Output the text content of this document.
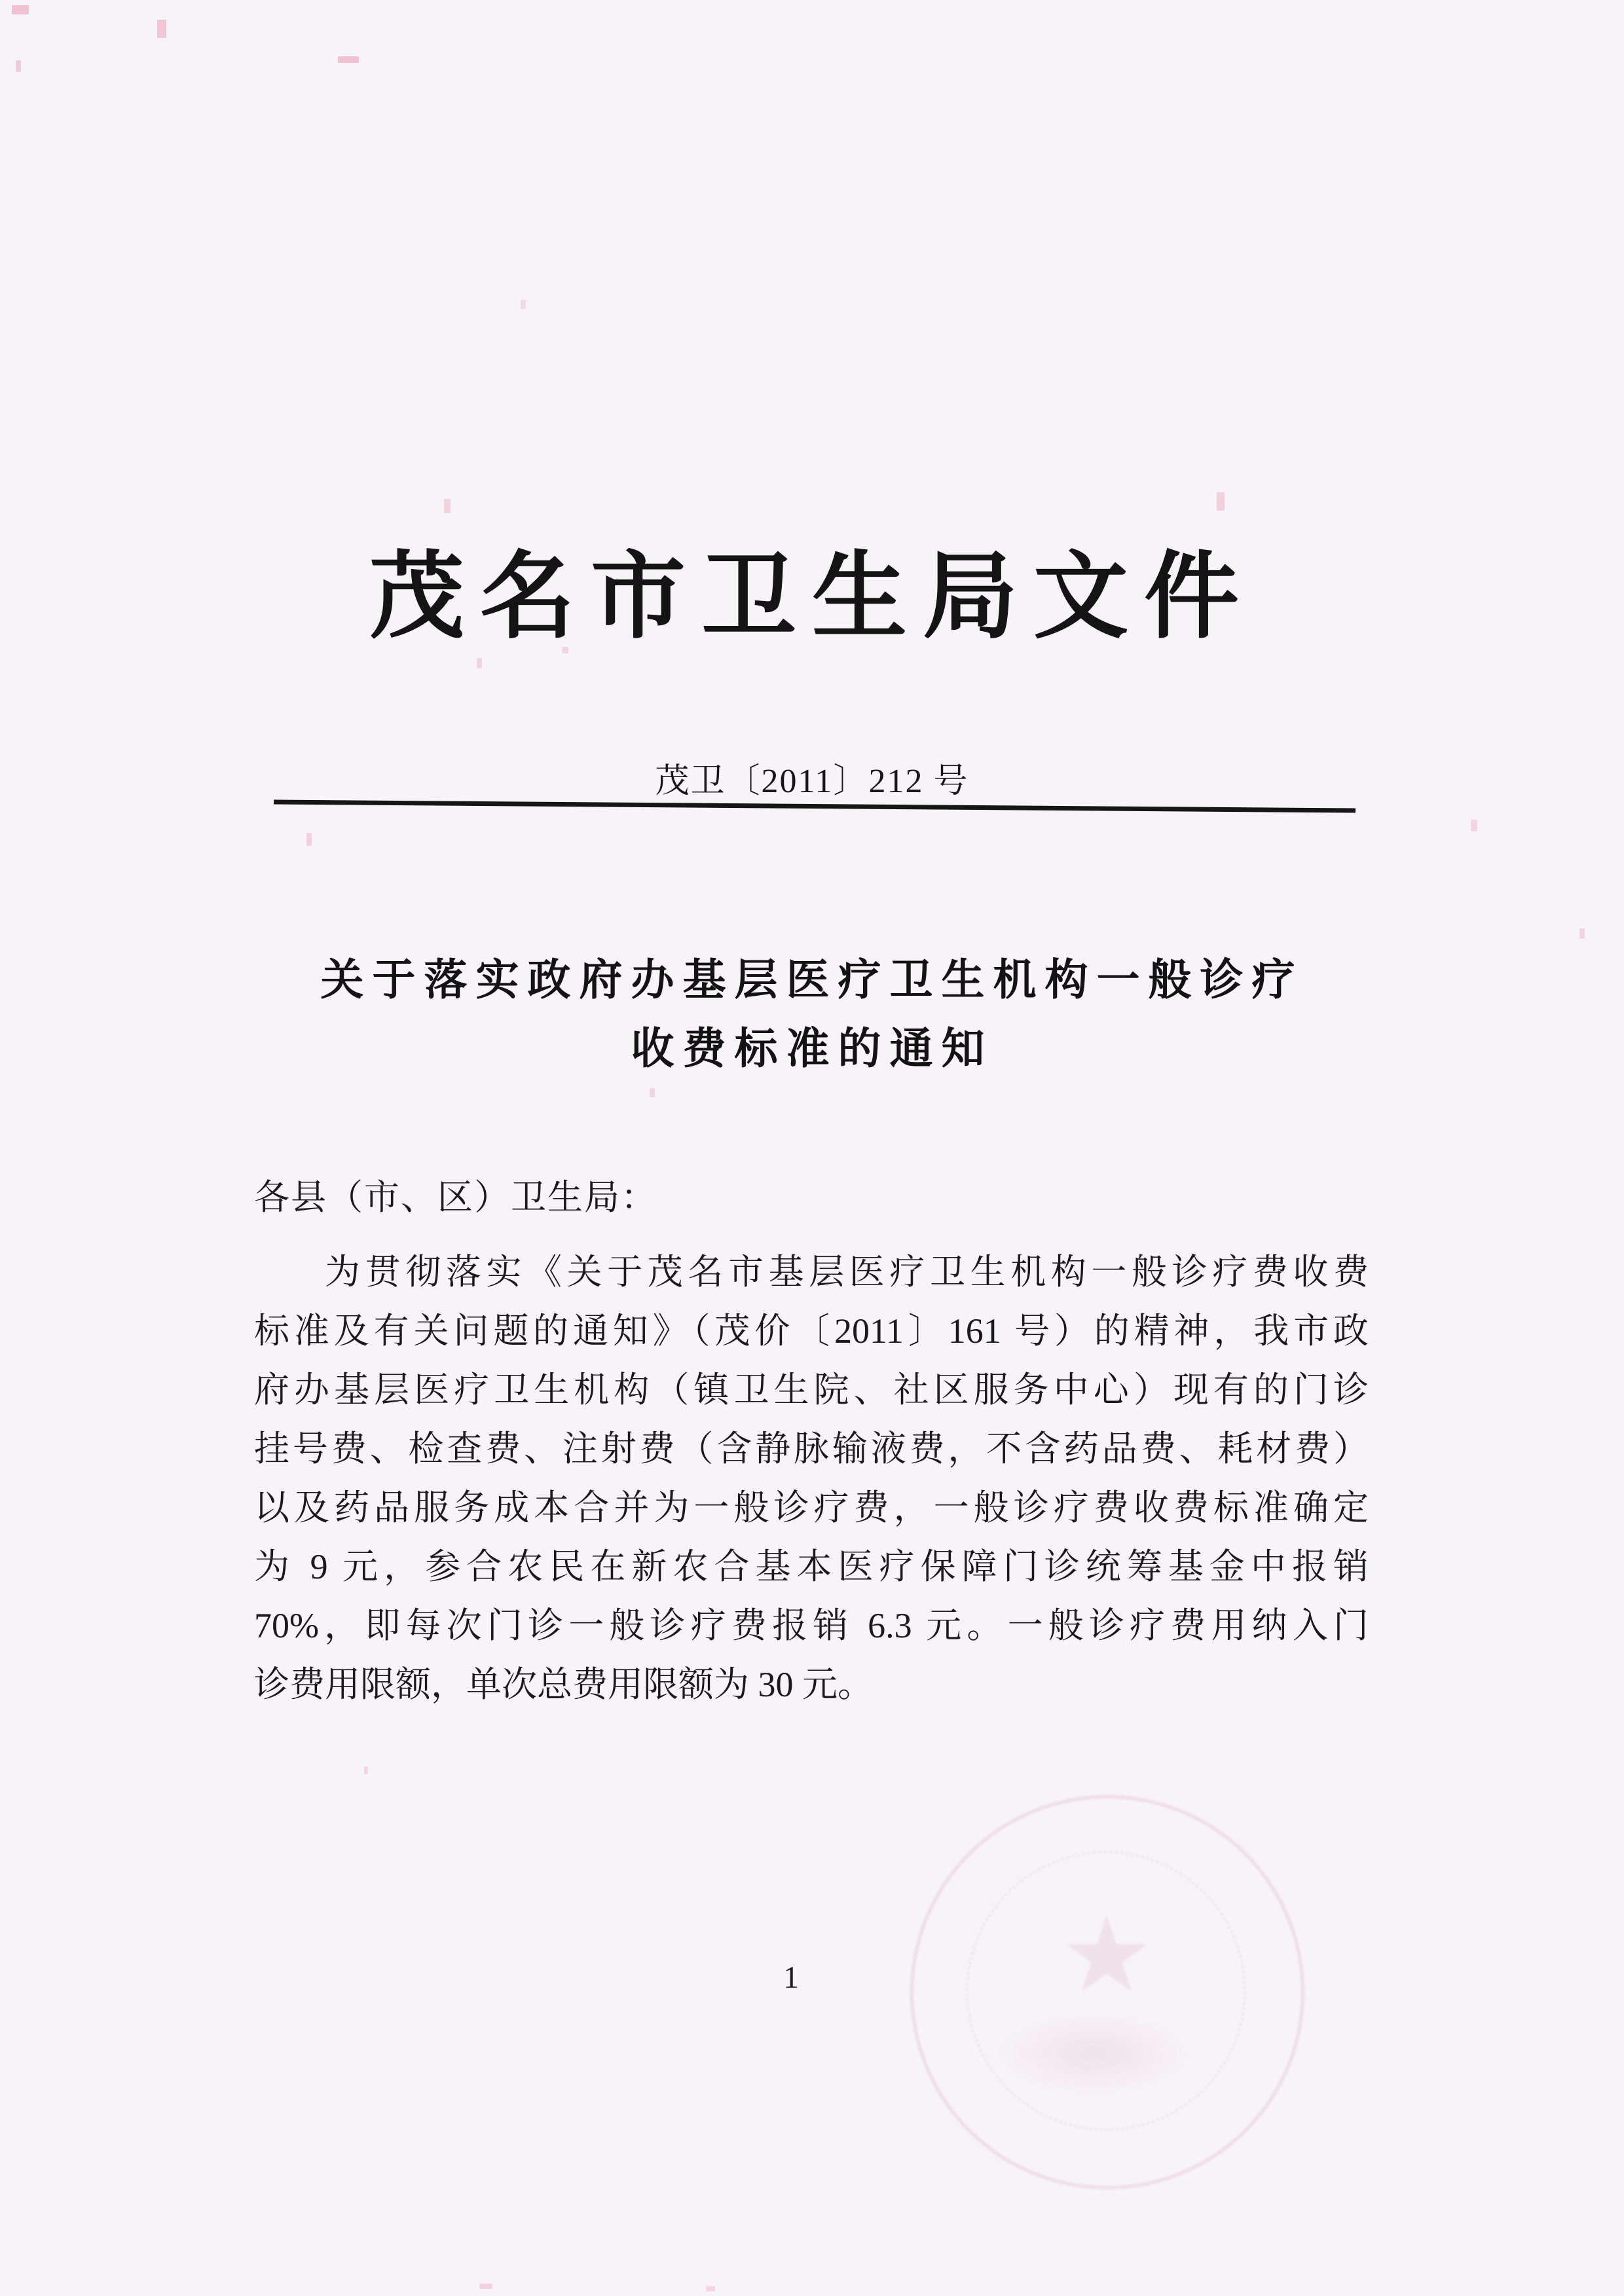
茂名市卫生局文件
茂卫〔2011〕212 号
关于落实政府办基层医疗卫生机构一般诊疗
收费标准的通知
各县（市、区）卫生局：
为贯彻落实《关于茂名市基层医疗卫生机构一般诊疗费收费
标准及有关问题的通知》（茂价〔2011〕161 号）的精神，我市政
府办基层医疗卫生机构（镇卫生院、社区服务中心）现有的门诊
挂号费、检查费、注射费（含静脉输液费，不含药品费、耗材费）
以及药品服务成本合并为一般诊疗费，一般诊疗费收费标准确定
为 9 元，参合农民在新农合基本医疗保障门诊统筹基金中报销
70%，即每次门诊一般诊疗费报销 6.3 元。一般诊疗费用纳入门
诊费用限额，单次总费用限额为 30 元。
1	★
